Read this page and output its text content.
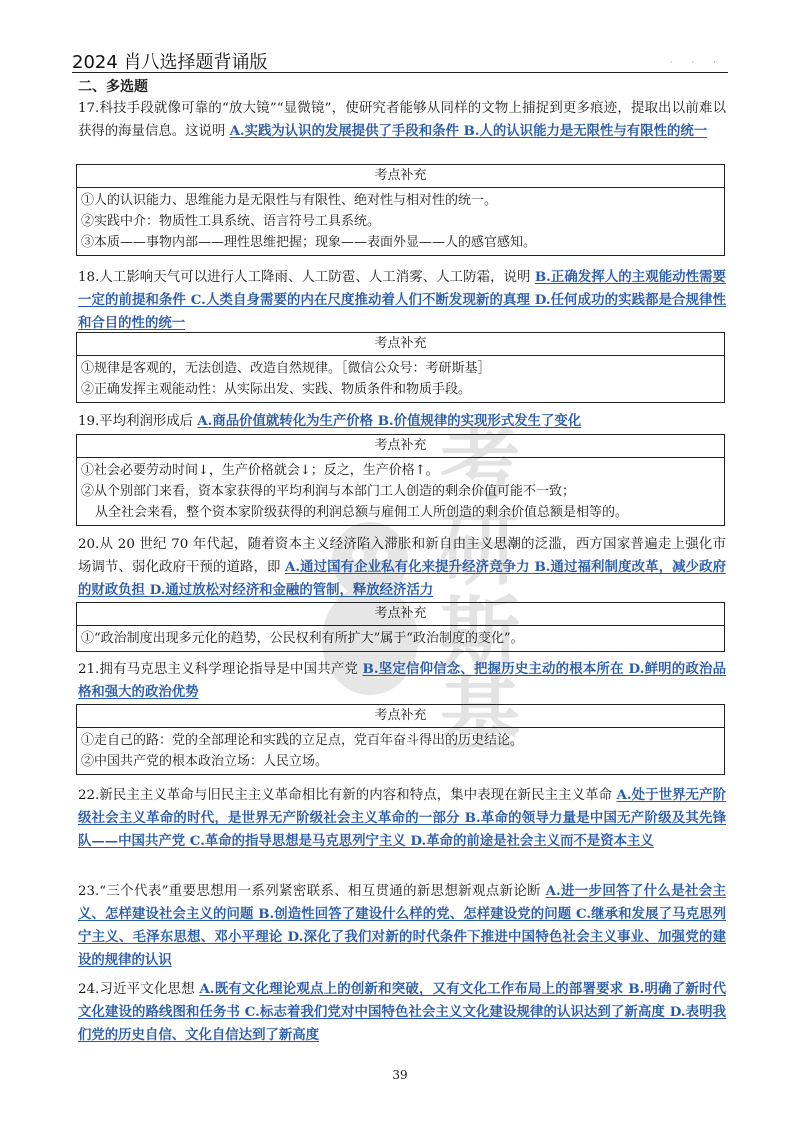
2024 肖八选择题背诵版	· · ·
二、多选题
考
研
斯
基
17.科技手段就像可靠的“放大镜”“显微镜”，使研究者能够从同样的文物上捕捉到更多痕迹，提取出以前难以获得的海量信息。这说明 A.实践为认识的发展提供了手段和条件 B.人的认识能力是无限性与有限性的统一
考点补充
①人的认识能力、思维能力是无限性与有限性、绝对性与相对性的统一。
②实践中介：物质性工具系统、语言符号工具系统。
③本质——事物内部——理性思维把握；现象——表面外显——人的感官感知。
18.人工影响天气可以进行人工降雨、人工防雹、人工消雾、人工防霜，说明 B.正确发挥人的主观能动性需要一定的前提和条件 C.人类自身需要的内在尺度推动着人们不断发现新的真理 D.任何成功的实践都是合规律性和合目的性的统一
考点补充
①规律是客观的，无法创造、改造自然规律。［微信公众号：考研斯基］
②正确发挥主观能动性：从实际出发、实践、物质条件和物质手段。
19.平均利润形成后 A.商品价值就转化为生产价格 B.价值规律的实现形式发生了变化
考点补充
①社会必要劳动时间↓，生产价格就会↓；反之，生产价格↑。
②从个别部门来看，资本家获得的平均利润与本部门工人创造的剩余价值可能不一致；
从全社会来看，整个资本家阶级获得的利润总额与雇佣工人所创造的剩余价值总额是相等的。
20.从 20 世纪 70 年代起，随着资本主义经济陷入滞胀和新自由主义思潮的泛滥，西方国家普遍走上强化市场调节、弱化政府干预的道路，即 A.通过国有企业私有化来提升经济竞争力 B.通过福利制度改革，减少政府的财政负担 D.通过放松对经济和金融的管制，释放经济活力
考点补充
①“政治制度出现多元化的趋势，公民权利有所扩大”属于“政治制度的变化”。
21.拥有马克思主义科学理论指导是中国共产党 B.坚定信仰信念、把握历史主动的根本所在 D.鲜明的政治品格和强大的政治优势
考点补充
①走自己的路：党的全部理论和实践的立足点，党百年奋斗得出的历史结论。
②中国共产党的根本政治立场：人民立场。
22.新民主主义革命与旧民主主义革命相比有新的内容和特点，集中表现在新民主主义革命 A.处于世界无产阶级社会主义革命的时代，是世界无产阶级社会主义革命的一部分 B.革命的领导力量是中国无产阶级及其先锋队——中国共产党 C.革命的指导思想是马克思列宁主义 D.革命的前途是社会主义而不是资本主义
23.“三个代表”重要思想用一系列紧密联系、相互贯通的新思想新观点新论断 A.进一步回答了什么是社会主义、怎样建设社会主义的问题 B.创造性回答了建设什么样的党、怎样建设党的问题 C.继承和发展了马克思列宁主义、毛泽东思想、邓小平理论 D.深化了我们对新的时代条件下推进中国特色社会主义事业、加强党的建设的规律的认识
24.习近平文化思想 A.既有文化理论观点上的创新和突破，又有文化工作布局上的部署要求 B.明确了新时代文化建设的路线图和任务书 C.标志着我们党对中国特色社会主义文化建设规律的认识达到了新高度 D.表明我们党的历史自信、文化自信达到了新高度
39
